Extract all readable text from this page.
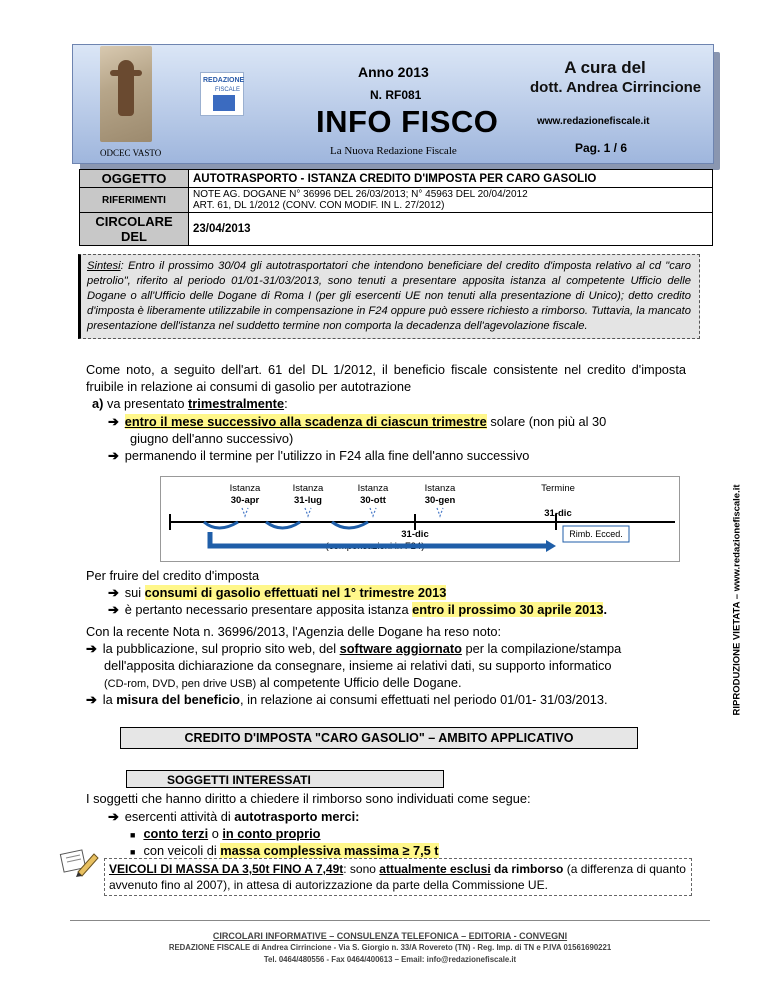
REDAZIONE
FISCALE
Anno 2013
N. RF081
INFO FISCO
A cura del
dott. Andrea Cirrincione
www.redazionefiscale.it
ODCEC VASTO	La Nuova Redazione Fiscale	Pag. 1 / 6
OGGETTO	AUTOTRASPORTO - ISTANZA CREDITO D'IMPOSTA PER CARO GASOLIO
RIFERIMENTI	NOTE AG. DOGANE N° 36996 DEL 26/03/2013; N° 45963 DEL 20/04/2012
ART. 61, DL 1/2012 (CONV. CON MODIF. IN L. 27/2012)

CIRCOLARE DEL	23/04/2013
Sintesi: Entro il prossimo 30/04 gli autotrasportatori che intendono beneficiare del credito d'imposta relativo al cd "caro petrolio", riferito al periodo 01/01-31/03/2013, sono tenuti a presentare apposita istanza al competente Ufficio delle Dogane o all'Ufficio delle Dogane di Roma I (per gli esercenti UE non tenuti alla presentazione di Unico); detto credito d'imposta è liberamente utilizzabile in compensazione in F24 oppure può essere richiesto a rimborso. Tuttavia, la mancato presentazione dell'istanza nel suddetto termine non comporta la decadenza dell'agevolazione fiscale.
RIPRODUZIONE VIETATA – www.redazionefiscale.it
Come noto, a seguito dell'art. 61 del DL 1/2012, il beneficio fiscale consistente nel credito d'imposta fruibile in relazione ai consumi di gasolio per autotrazione
a) va presentato trimestralmente:
➔ entro il mese successivo alla scadenza di ciascun trimestre solare (non più al 30
giugno dell'anno successivo)
➔ permanendo il termine per l'utilizzo in F24 alla fine dell'anno successivo
Istanza
30-apr
Istanza
31-lug
Istanza
30-ott
Istanza
30-gen
Termine
31-dic
31-dic
(compensazioni in F24)
Rimb. Ecced.
Per fruire del credito d'imposta
➔ sui consumi di gasolio effettuati nel 1° trimestre 2013
➔ è pertanto necessario presentare apposita istanza entro il prossimo 30 aprile 2013.
Con la recente Nota n. 36996/2013, l'Agenzia delle Dogane ha reso noto:
➔ la pubblicazione, sul proprio sito web, del software aggiornato per la compilazione/stampa
dell'apposita dichiarazione da consegnare, insieme ai relativi dati, su supporto informatico
(CD-rom, DVD, pen drive USB) al competente Ufficio delle Dogane.
➔ la misura del beneficio, in relazione ai consumi effettuati nel periodo 01/01- 31/03/2013.
CREDITO D'IMPOSTA "CARO GASOLIO" – AMBITO APPLICATIVO
SOGGETTI INTERESSATI
I soggetti che hanno diritto a chiedere il rimborso sono individuati come segue:
➔ esercenti attività di autotrasporto merci:
■ conto terzi o in conto proprio
■ con veicoli di massa complessiva massima ≥ 7,5 t
VEICOLI DI MASSA DA 3,50t FINO A 7,49t: sono attualmente esclusi da rimborso (a differenza di quanto avvenuto fino al 2007), in attesa di autorizzazione da parte della Commissione UE.
CIRCOLARI INFORMATIVE – CONSULENZA TELEFONICA – EDITORIA - CONVEGNI
REDAZIONE FISCALE di Andrea Cirrincione - Via S. Giorgio n. 33/A Rovereto (TN) - Reg. Imp. di TN e P.IVA 01561690221
Tel. 0464/480556 - Fax 0464/400613 – Email: info@redazionefiscale.it
